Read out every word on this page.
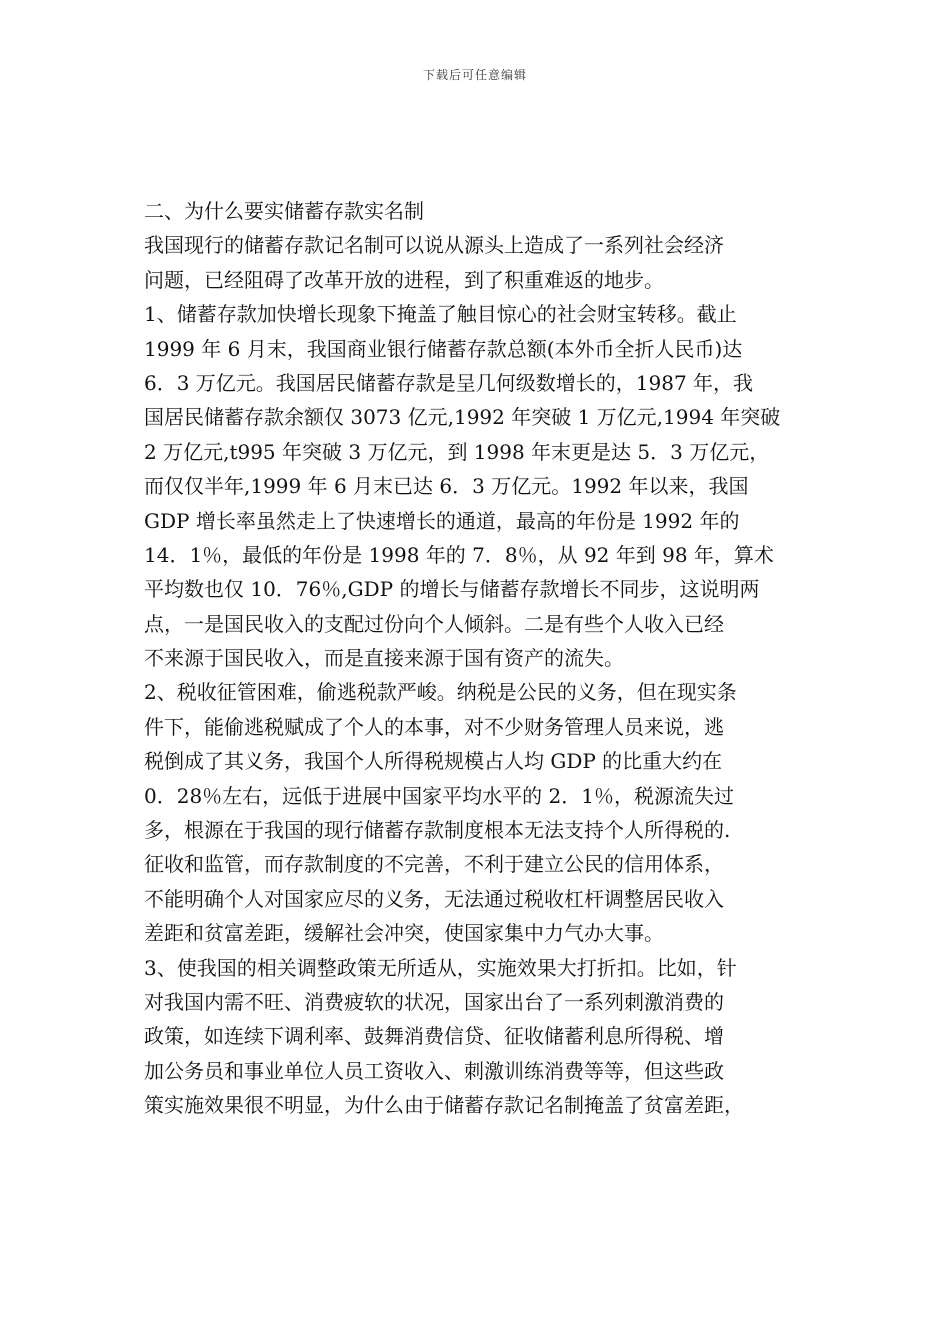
下载后可任意编辑
二、为什么要实储蓄存款实名制
我国现行的储蓄存款记名制可以说从源头上造成了一系列社会经济
问题，已经阻碍了改革开放的进程，到了积重难返的地步。
1、储蓄存款加快增长现象下掩盖了触目惊心的社会财宝转移。截止
1999 年 6 月末，我国商业银行储蓄存款总额(本外币全折人民币)达
6．3 万亿元。我国居民储蓄存款是呈几何级数增长的，1987 年，我
国居民储蓄存款余额仅 3073 亿元,1992 年突破 1 万亿元,1994 年突破
2 万亿元,t995 年突破 3 万亿元，到 1998 年末更是达 5．3 万亿元，
而仅仅半年,1999 年 6 月末已达 6．3 万亿元。1992 年以来，我国
GDP 增长率虽然走上了快速增长的通道，最高的年份是 1992 年的
14．1％，最低的年份是 1998 年的 7．8％，从 92 年到 98 年，算术
平均数也仅 10．76％,GDP 的增长与储蓄存款增长不同步，这说明两
点，一是国民收入的支配过份向个人倾斜。二是有些个人收入已经
不来源于国民收入，而是直接来源于国有资产的流失。
2、税收征管困难，偷逃税款严峻。纳税是公民的义务，但在现实条
件下，能偷逃税赋成了个人的本事，对不少财务管理人员来说，逃
税倒成了其义务，我国个人所得税规模占人均 GDP 的比重大约在
0．28％左右，远低于进展中国家平均水平的 2．1％，税源流失过
多，根源在于我国的现行储蓄存款制度根本无法支持个人所得税的.
征收和监管，而存款制度的不完善，不利于建立公民的信用体系，
不能明确个人对国家应尽的义务，无法通过税收杠杆调整居民收入
差距和贫富差距，缓解社会冲突，使国家集中力气办大事。
3、使我国的相关调整政策无所适从，实施效果大打折扣。比如，针
对我国内需不旺、消费疲软的状况，国家出台了一系列刺激消费的
政策，如连续下调利率、鼓舞消费信贷、征收储蓄利息所得税、增
加公务员和事业单位人员工资收入、刺激训练消费等等，但这些政
策实施效果很不明显，为什么由于储蓄存款记名制掩盖了贫富差距，
